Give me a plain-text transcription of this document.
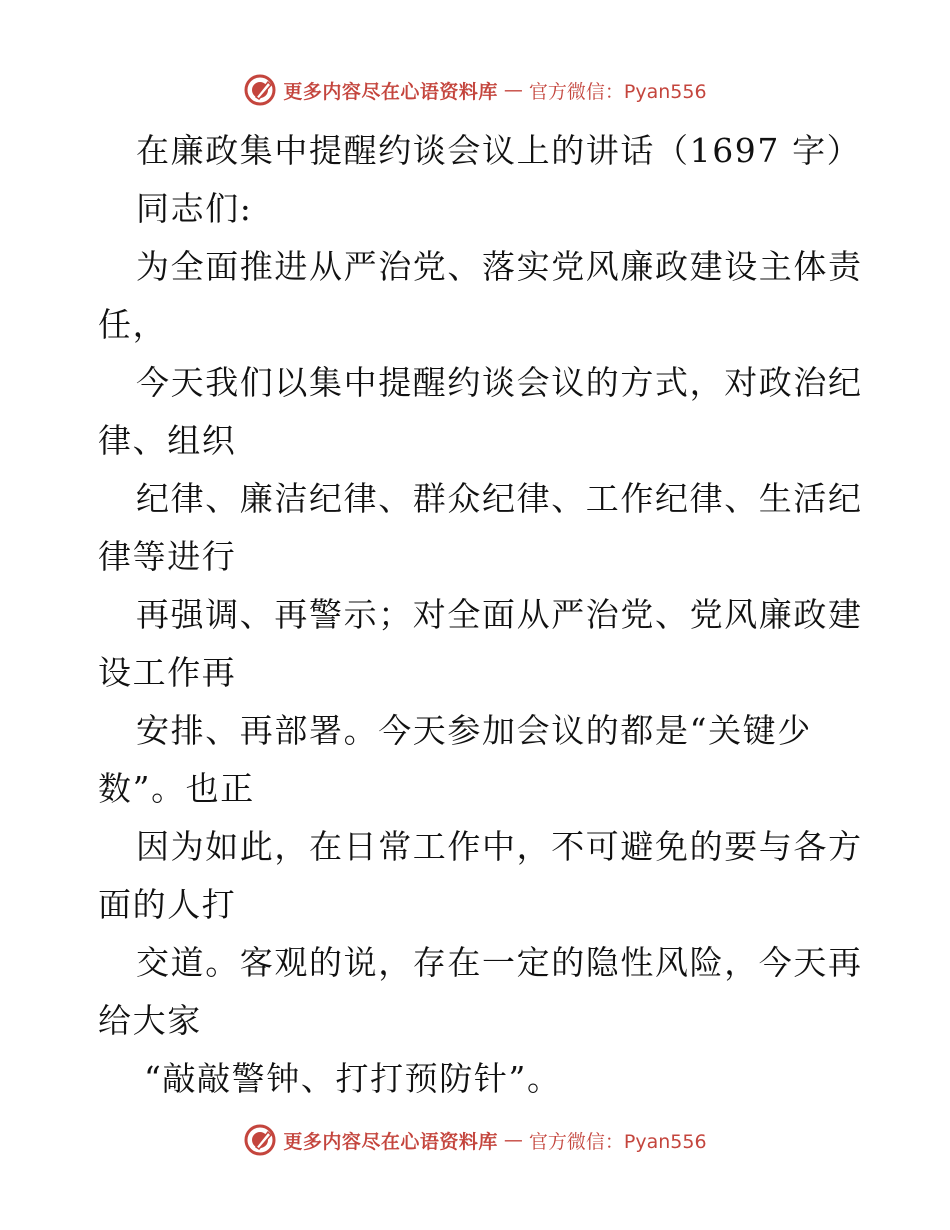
更多内容尽在心语资料库 — 官方微信：Pyan556
在廉政集中提醒约谈会议上的讲话（1697 字）
同志们:
为全面推进从严治党、落实党风廉政建设主体责
任，
今天我们以集中提醒约谈会议的方式，对政治纪
律、组织
纪律、廉洁纪律、群众纪律、工作纪律、生活纪
律等进行
再强调、再警示；对全面从严治党、党风廉政建
设工作再
安排、再部署。今天参加会议的都是“关键少
数”。也正
因为如此，在日常工作中，不可避免的要与各方
面的人打
交道。客观的说，存在一定的隐性风险，今天再
给大家
“敲敲警钟、打打预防针”。
更多内容尽在心语资料库 — 官方微信：Pyan556
